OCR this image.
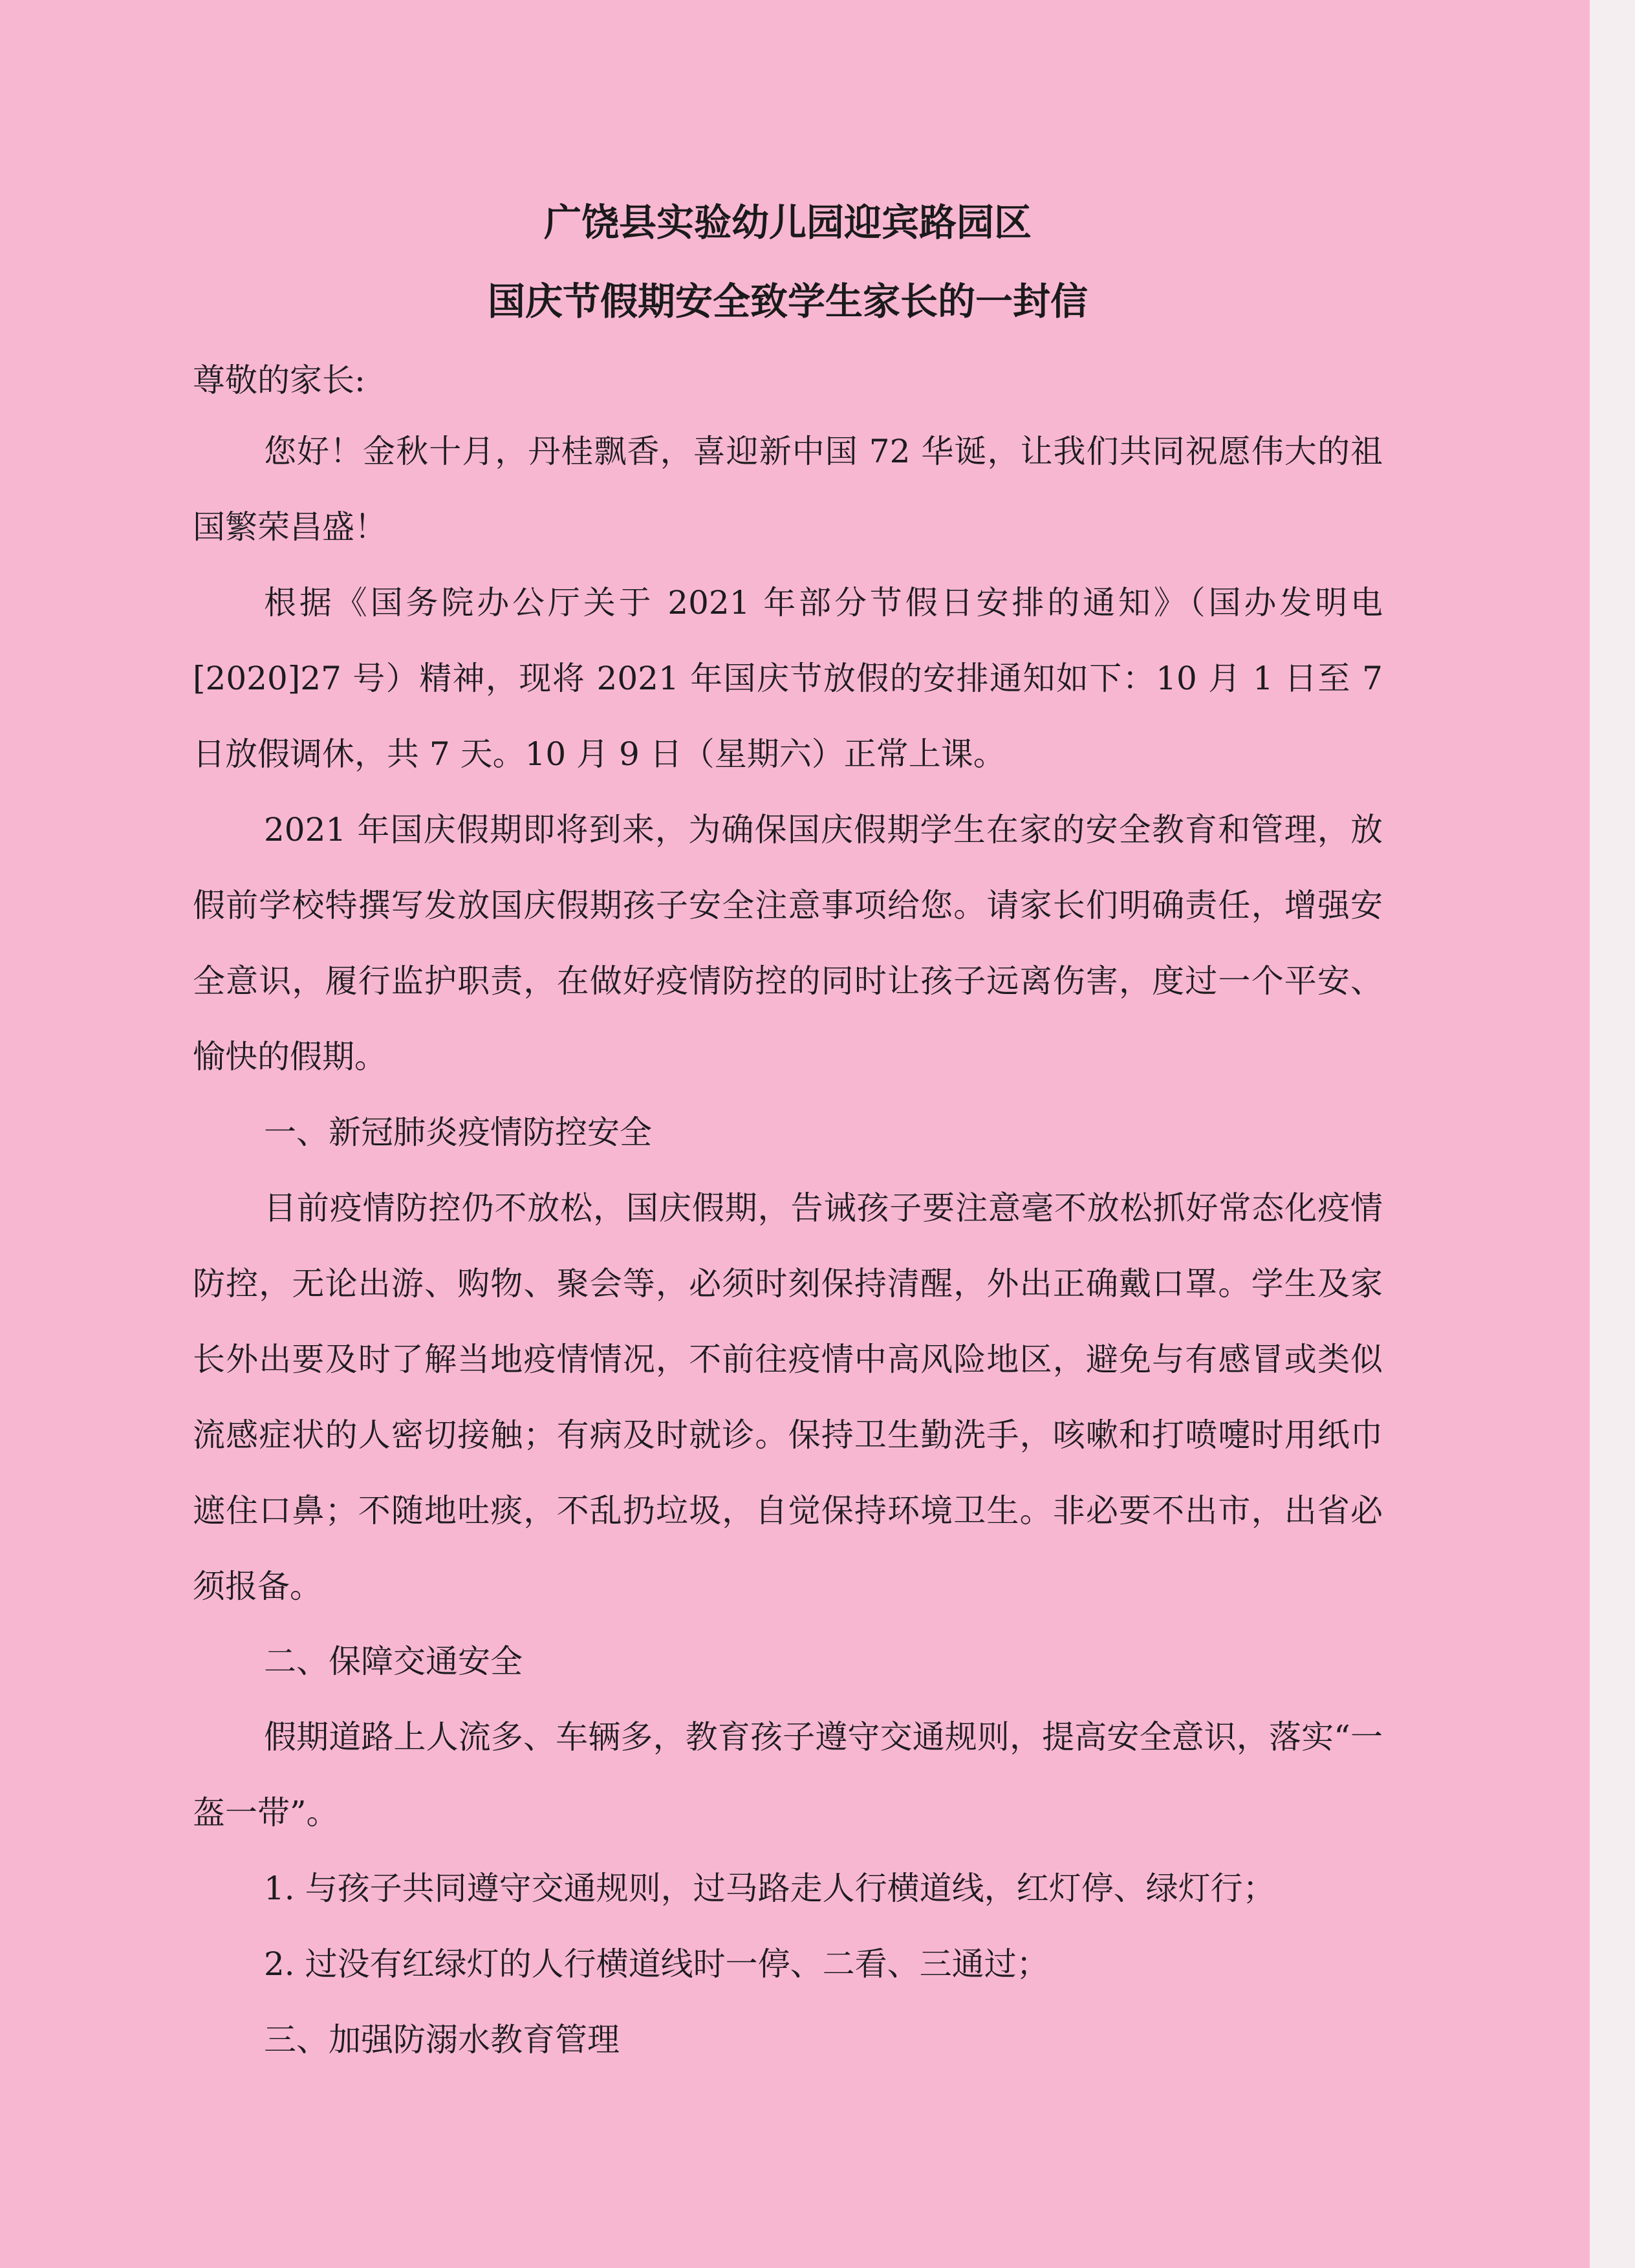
广饶县实验幼儿园迎宾路园区
国庆节假期安全致学生家长的一封信
尊敬的家长:

您好！金秋十月，丹桂飘香，喜迎新中国 72 华诞，让我们共同祝愿伟大的祖国繁荣昌盛！

根据《国务院办公厅关于 2021 年部分节假日安排的通知》（国办发明电[2020]27 号）精神，现将 2021 年国庆节放假的安排通知如下：10 月 1 日至 7 日放假调休，共 7 天。10 月 9 日（星期六）正常上课。

2021 年国庆假期即将到来，为确保国庆假期学生在家的安全教育和管理，放假前学校特撰写发放国庆假期孩子安全注意事项给您。请家长们明确责任，增强安全意识，履行监护职责，在做好疫情防控的同时让孩子远离伤害，度过一个平安、愉快的假期。

一、新冠肺炎疫情防控安全

目前疫情防控仍不放松，国庆假期，告诫孩子要注意毫不放松抓好常态化疫情防控，无论出游、购物、聚会等，必须时刻保持清醒，外出正确戴口罩。学生及家长外出要及时了解当地疫情情况，不前往疫情中高风险地区，避免与有感冒或类似流感症状的人密切接触；有病及时就诊。保持卫生勤洗手，咳嗽和打喷嚏时用纸巾遮住口鼻；不随地吐痰，不乱扔垃圾，自觉保持环境卫生。非必要不出市，出省必须报备。

二、保障交通安全

假期道路上人流多、车辆多，教育孩子遵守交通规则，提高安全意识，落实“一盔一带”。

1. 与孩子共同遵守交通规则，过马路走人行横道线，红灯停、绿灯行；

2. 过没有红绿灯的人行横道线时一停、二看、三通过；

三、加强防溺水教育管理
